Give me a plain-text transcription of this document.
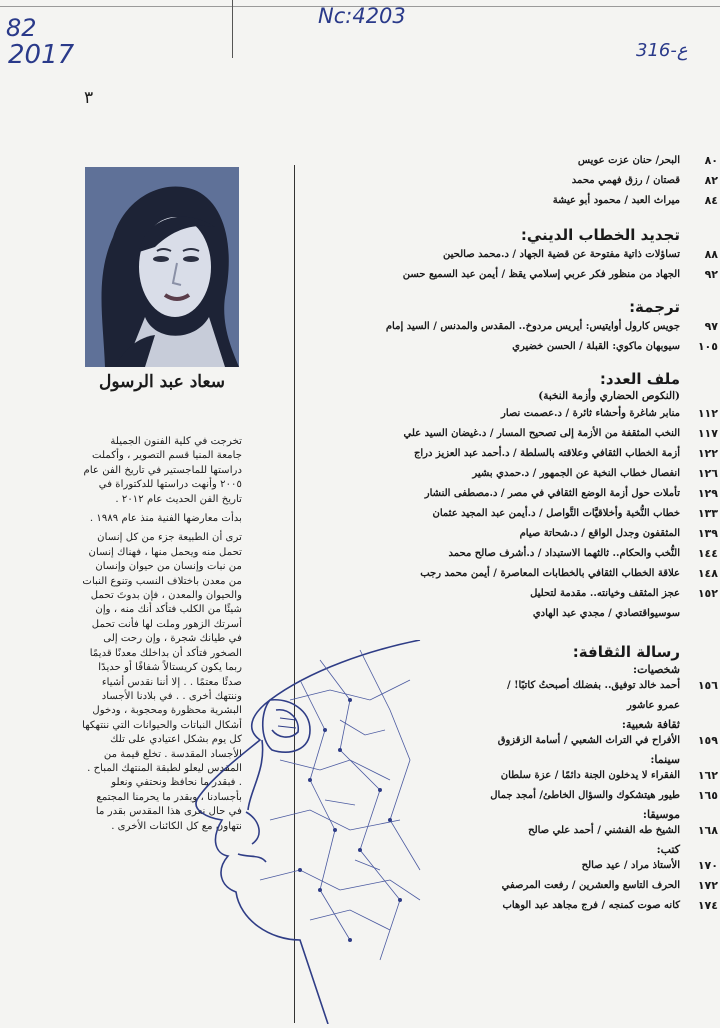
82
2017
Nc:4203
316-ع
٣
سعاد عبد الرسول

تخرجت في كلية الفنون الجميلة جامعة المنيا قسم التصوير ، وأكملت دراستها للماجستير في تاريخ الفن عام ٢٠٠٥ وأنهت دراستها للدكتوراة في تاريخ الفن الحديث عام ٢٠١٢ .

بدأت معارضها الفنية منذ عام ١٩٨٩ .

ترى أن الطبيعة جزء من كل إنسان تحمل منه ويحمل منها ، فهناك إنسان من نبات وإنسان من حيوان وإنسان من معدن باختلاف النسب وتنوع النبات والحيوان والمعدن ، فإن بدوتَ تحمل شيئًا من الكلب فتأكد أنك منه ، وإن أسرتك الزهور وملت لها فأنت تحمل في طيانك شجرة ، وإن رحت إلى الصخور فتأكد أن بداخلك معدنًا قديمًا ربما يكون كريستالاً شفافًا أو حديدًا صدئًا معتمًا . . إلا أننا نقدس أشياء وننتهك أخرى . . في بلادنا الأجساد البشرية محظورة ومحجوبة ، ودخول أشكال النباتات والحيوانات التي ننتهكها كل يوم بشكل اعتيادي على تلك الأجساد المقدسة . تخلع قيمة من المقدس ليعلو لطبقة المنتهك المباح . . فبقدر ما نحافظ ونحتفي ونعلو بأجسادنا ، وبقدر ما يحرمنا المجتمع في حال نعرى هذا المقدس بقدر ما نتهاون مع كل الكائنات الأخرى .

٨٠
البحر/ حنان عزت عويس
٨٢
قصتان / رزق فهمي محمد
٨٤
ميراث العبد / محمود أبو عيشة
تجديد الخطاب الديني:
٨٨
تساؤلات ذاتية مفتوحة عن قضية الجهاد / د.محمد صالحين
٩٢
الجهاد من منظور فكر عربي إسلامي يقظ / أيمن عبد السميع حسن
ترجمة:
٩٧
جويس كارول أوايتيس: أيريس مردوخ.. المقدس والمدنس / السيد إمام
١٠٥
سيوبهان ماكوي: القبلة / الحسن خضيري
ملف العدد:
(النكوص الحضاري وأزمة النخبة)
١١٢
منابر شاغرة وأحشاء ثائرة / د.عصمت نصار
١١٧
النخب المثقفة من الأزمة إلى تصحيح المسار / د.غيضان السيد علي
١٢٢
أزمة الخطاب الثقافي وعلاقته بالسلطة / د.أحمد عبد العزيز دراج
١٢٦
انفصال خطاب النخبة عن الجمهور / د.حمدي بشير
١٢٩
تأملات حول أزمة الوضع الثقافي في مصر / د.مصطفى النشار
١٣٣
خطاب النُّخبة وأخلاقيَّات التَّواصل / د.أيمن عبد المجيد عثمان
١٣٩
المثقفون وجدل الواقع / د.شحاتة صيام
١٤٤
النُّخب والحكام.. ثالثهما الاستبداد / د.أشرف صالح محمد
١٤٨
علاقة الخطاب الثقافي بالخطابات المعاصرة / أيمن محمد رجب
١٥٢
عجز المثقف وخيانته.. مقدمة لتحليل
سوسيواقتصادي / مجدي عبد الهادي
رسالة الثقافة:
شخصيات:
١٥٦
أحمد خالد توفيق.. بفضلك أصبحتُ كاتبًا! /
عمرو عاشور
ثقافة شعبية:
١٥٩
الأفراح في التراث الشعبي / أسامة الزقزوق
سينما:
١٦٢
الفقراء لا يدخلون الجنة دائمًا / عزة سلطان
١٦٥
طيور هيتشكوك والسؤال الخاطئ/ أمجد جمال
موسيقا:
١٦٨
الشيخ طه الفشني / أحمد علي صالح
كتب:
١٧٠
الأستاذ مراد / عيد صالح
١٧٢
الحرف التاسع والعشرين / رفعت المرصفي
١٧٤
كانه صوت كمنجه / فرج مجاهد عبد الوهاب
